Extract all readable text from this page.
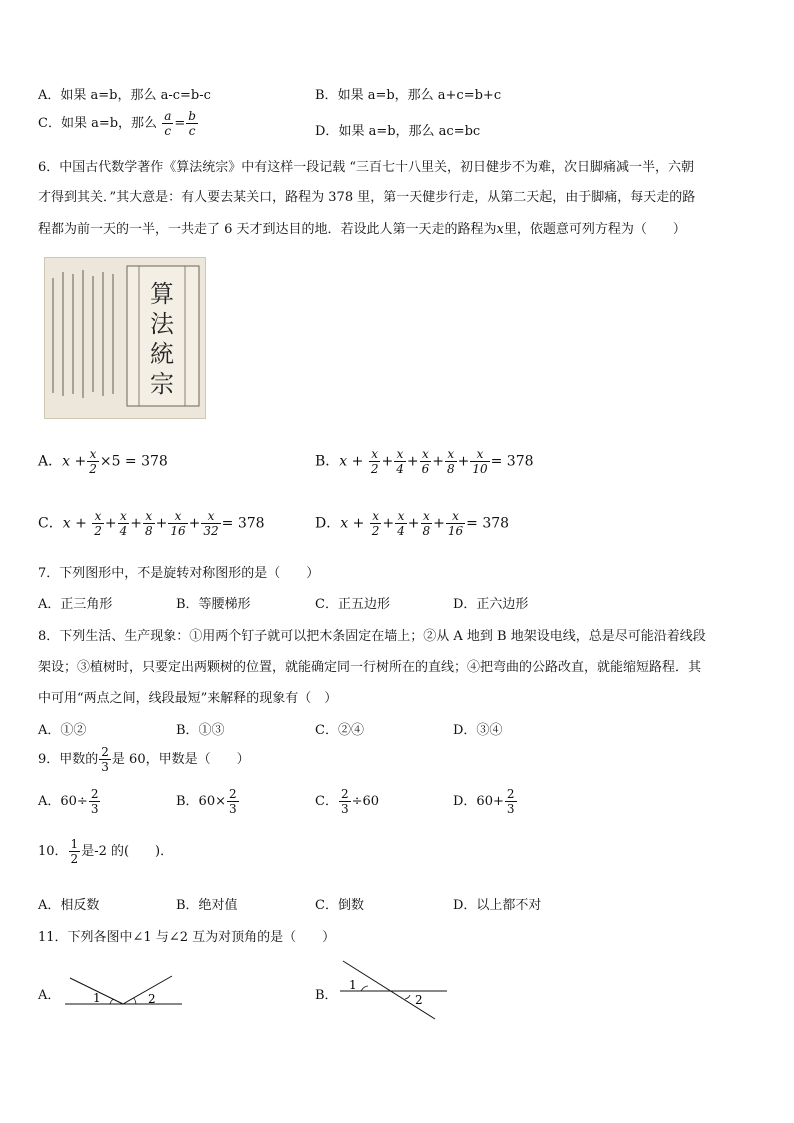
A．如果 a=b，那么 a-c=b-c	B．如果 a=b，那么 a+c=b+c
C．如果 a=b，那么 $\frac{a}{c} = \frac{b}{c}$	D．如果 a=b，那么 ac=bc
6．中国古代数学著作《算法统宗》中有这样一段记载 “三百七十八里关，初日健步不为难，次日脚痛减一半，六朝
才得到其关．”其大意是：有人要去某关口，路程为 378 里，第一天健步行走，从第二天起，由于脚痛，每天走的路
程都为前一天的一半，一共走了 6 天才到达目的地．若设此人第一天走的路程为x里，依题意可列方程为（　　）
算
法
統
宗
A．$x + \frac{x}{2} \times 5 = 378$	B．$x + \frac{x}{2} + \frac{x}{4} + \frac{x}{6} + \frac{x}{8} + \frac{x}{10} = 378$
C．$x + \frac{x}{2} + \frac{x}{4} + \frac{x}{8} + \frac{x}{16} + \frac{x}{32} = 378$	D．$x + \frac{x}{2} + \frac{x}{4} + \frac{x}{8} + \frac{x}{16} = 378$
7．下列图形中，不是旋转对称图形的是（　　）
A．正三角形	B．等腰梯形	C．正五边形	D．正六边形
8．下列生活、生产现象：①用两个钉子就可以把木条固定在墙上；②从 A 地到 B 地架设电线，总是尽可能沿着线段
架设；③植树时，只要定出两颗树的位置，就能确定同一行树所在的直线；④把弯曲的公路改直，就能缩短路程．其
中可用“两点之间，线段最短”来解释的现象有（　）
A．①②	B．①③	C．②④	D．③④
9．甲数的 $\frac{2}{3}$ 是 60，甲数是（　　）
A．$60\div \frac{2}{3}$	B．$60\times \frac{2}{3}$	C． $\frac{2}{3} \div 60$	D．$60+ \frac{2}{3}$
10． $\frac{1}{2}$ 是-2 的(　　)．
A．相反数	B．绝对值	C．倒数	D．以上都不对
11．下列各图中∠1 与∠2 互为对顶角的是（　　）
A．	1	2	B．
1
2
